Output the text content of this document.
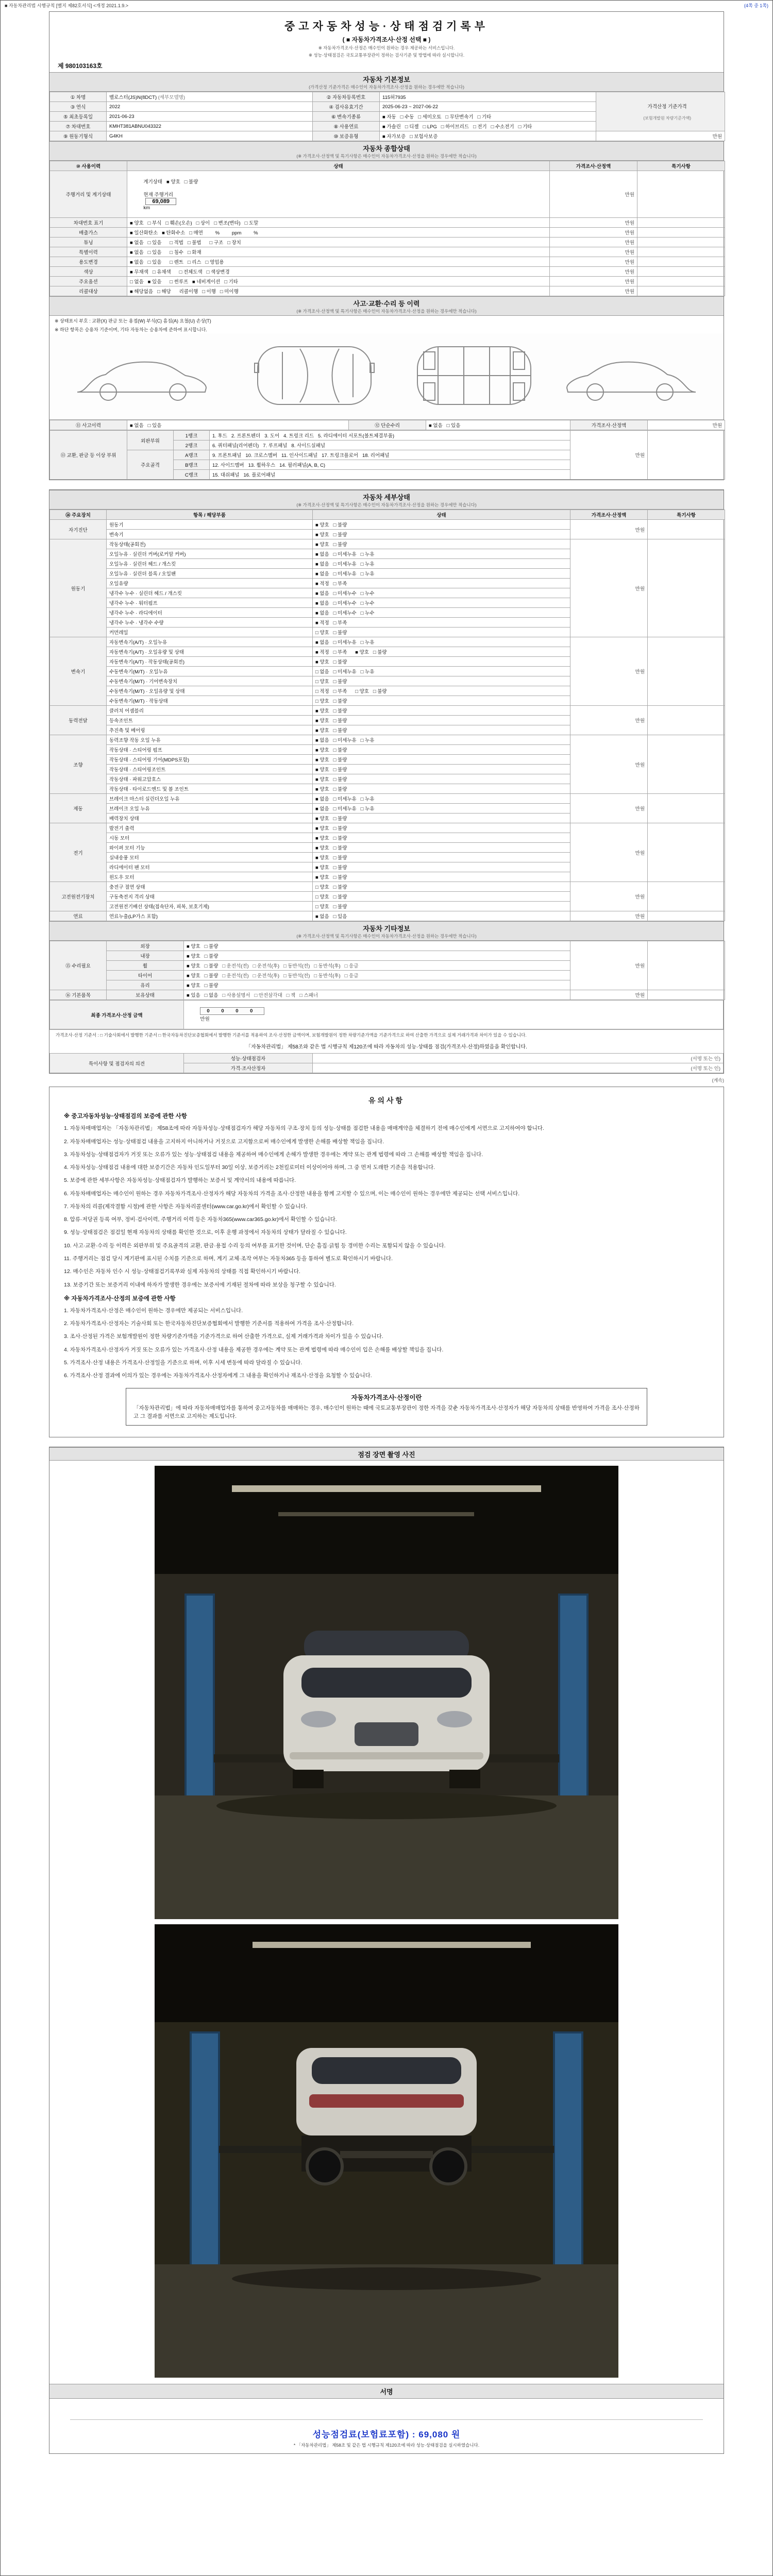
■ 자동차관리법 시행규칙 [별지 제82호서식] <개정 2021.1.9.>	(4쪽 중 1쪽)
중고자동차성능·상태점검기록부
( ■ 자동차가격조사·산정 선택 ■ )
※ 자동차가격조사·산정은 매수인이 원하는 경우 제공하는 서비스입니다.
※ 성능·상태점검은 국토교통부장관이 정하는 검사기준 및 방법에 따라 실시합니다.
제 980103163호
자동차 기본정보
(가격산정 기준가격은 매수인이 자동차가격조사·산정을 원하는 경우에만 적습니다)
① 차명	벨로스터(JS)N(8DCT) (세부모델명)	② 자동차등록번호	115허7935	가격산정 기준가격

(보험개발원 차량기준가액)

③ 연식	2022	④ 검사유효기간	2025-06-23 ~ 2027-06-22	
⑤ 최초등록일	2021-06-23	⑥ 변속기종류	■ 자동   □ 수동   □ 세미오토   □ 무단변속기   □ 기타	
⑦ 차대번호	KMHT381ABNU043322	⑧ 사용연료	■ 가솔린   □ 디젤   □ LPG   □ 하이브리드   □ 전기   □ 수소전기   □ 기타	
⑨ 원동기형식	G4KH	⑩ 보증유형	■ 자가보증   □ 보험사보증	만원
자동차 종합상태
(※ 가격조사·산정액 및 특기사항은 매수인이 자동차가격조사·산정을 원하는 경우에만 적습니다)
⑩ 사용이력	상태	가격조사·산정액	특기사항
주행거리 및 계기상태	계기상태   ■ 양호   □ 불량

현재 주행거리
69,089
km	만원	
차대번호 표기	■ 양호   □ 부식   □ 훼손(오손)   □ 상이   □ 변조(변타)   □ 도말	만원	
배출가스	■ 일산화탄소   ■ 탄화수소   □ 매연         %         ppm         %	만원	
튜닝	■ 없음   □ 있음      □ 적법   □ 불법      □ 구조   □ 장치	만원	
특별이력	■ 없음   □ 있음      □ 침수   □ 화재	만원	
용도변경	■ 없음   □ 있음      □ 렌트   □ 리스   □ 영업용	만원	
색상	■ 무채색   □ 유채색      □ 전체도색   □ 색상변경	만원	
주요옵션	□ 없음   ■ 있음      □ 썬루프   ■ 네비게이션   □ 기타	만원	
리콜대상	■ 해당없음   □ 해당      리콜이행   □ 이행   □ 미이행	만원	
사고·교환·수리 등 이력
(※ 가격조사·산정액 및 특기사항은 매수인이 자동차가격조사·산정을 원하는 경우에만 적습니다)
※ 상태표시 부호 : 교환(X) 판금 또는 용접(W) 부식(C) 흠집(A) 요철(U) 손상(T)
※ 하단 항목은 승용차 기준이며, 기타 자동차는 승용차에 준하여 표시합니다.
⑪ 사고이력	■ 없음   □ 있음	⑫ 단순수리	■ 없음   □ 있음	가격조사·산정액	만원
⑬ 교환, 판금 등 이상 부위	외판부위	1랭크	1. 후드   2. 프론트펜더   3. 도어   4. 트렁크 리드   5. 라디에이터 서포트(볼트체결부품)	만원	
		2랭크	6. 쿼터패널(리어펜더)   7. 루프패널   8. 사이드실패널		
	주요골격	A랭크	9. 프론트패널   10. 크로스멤버   11. 인사이드패널   17. 트렁크플로어   18. 리어패널		
		B랭크	12. 사이드멤버   13. 휠하우스   14. 필러패널(A, B, C)		
		C랭크	15. 대쉬패널   16. 플로어패널		
자동차 세부상태
(※ 가격조사·산정액 및 특기사항은 매수인이 자동차가격조사·산정을 원하는 경우에만 적습니다)
⑭ 주요장치	항목 / 해당부품	상태	가격조사·산정액	특기사항
자기진단	원동기	■ 양호   □ 불량	만원	
	변속기	■ 양호   □ 불량		
원동기	작동상태(공회전)	■ 양호   □ 불량	만원	
	오일누유 · 실린더 커버(로커암 커버)	■ 없음   □ 미세누유   □ 누유		
	오일누유 · 실린더 헤드 / 개스킷	■ 없음   □ 미세누유   □ 누유		
	오일누유 · 실린더 블록 / 오일팬	■ 없음   □ 미세누유   □ 누유		
	오일유량	■ 적정   □ 부족		
	냉각수 누수 · 실린더 헤드 / 개스킷	■ 없음   □ 미세누수   □ 누수		
	냉각수 누수 · 워터펌프	■ 없음   □ 미세누수   □ 누수		
	냉각수 누수 · 라디에이터	■ 없음   □ 미세누수   □ 누수		
	냉각수 누수 · 냉각수 수량	■ 적정   □ 부족		
	커먼레일	□ 양호   □ 불량		
변속기	자동변속기(A/T) · 오일누유	■ 없음   □ 미세누유   □ 누유	만원	
	자동변속기(A/T) · 오일유량 및 상태	■ 적정   □ 부족      ■ 양호   □ 불량		
	자동변속기(A/T) · 작동상태(공회전)	■ 양호   □ 불량		
	수동변속기(M/T) · 오일누유	□ 없음   □ 미세누유   □ 누유		
	수동변속기(M/T) · 기어변속장치	□ 양호   □ 불량		
	수동변속기(M/T) · 오일유량 및 상태	□ 적정   □ 부족      □ 양호   □ 불량		
	수동변속기(M/T) · 작동상태	□ 양호   □ 불량		
동력전달	클러치 어셈블리	■ 양호   □ 불량	만원	
	등속조인트	■ 양호   □ 불량		
	추진축 및 베어링	■ 양호   □ 불량		
조향	동력조향 작동 오일 누유	■ 없음   □ 미세누유   □ 누유	만원	
	작동상태 · 스티어링 펌프	■ 양호   □ 불량		
	작동상태 · 스티어링 기어(MDPS포함)	■ 양호   □ 불량		
	작동상태 · 스티어링조인트	■ 양호   □ 불량		
	작동상태 · 파워고압호스	■ 양호   □ 불량		
	작동상태 · 타이로드엔드 및 볼 조인트	■ 양호   □ 불량		
제동	브레이크 마스터 실린더오일 누유	■ 없음   □ 미세누유   □ 누유	만원	
	브레이크 오일 누유	■ 없음   □ 미세누유   □ 누유		
	배력장치 상태	■ 양호   □ 불량		
전기	발전기 출력	■ 양호   □ 불량	만원	
	시동 모터	■ 양호   □ 불량		
	와이퍼 모터 기능	■ 양호   □ 불량		
	실내송풍 모터	■ 양호   □ 불량		
	라디에이터 팬 모터	■ 양호   □ 불량		
	윈도우 모터	■ 양호   □ 불량		
고전원전기장치	충전구 절연 상태	□ 양호   □ 불량	만원	
	구동축전지 격리 상태	□ 양호   □ 불량		
	고전원전기배선 상태(접속단자, 피복, 보호기제)	□ 양호   □ 불량		
연료	연료누출(LP가스 포함)	■ 없음   □ 있음	만원	
자동차 기타정보
(※ 가격조사·산정액 및 특기사항은 매수인이 자동차가격조사·산정을 원하는 경우에만 적습니다)
⑮ 수리필요	외장	■ 양호   □ 불량	만원	
	내장	■ 양호   □ 불량		
	휠	■ 양호   □ 불량 □ 운전석(전)   □ 운전석(후)   □ 동반석(전)   □ 동반석(후)   □ 응급		
	타이어	■ 양호   □ 불량 □ 운전석(전)   □ 운전석(후)   □ 동반석(전)   □ 동반석(후)   □ 응급		
	유리	■ 양호   □ 불량		
⑯ 기본품목	보유상태	■ 있음   □ 없음 □ 사용설명서   □ 안전삼각대   □ 잭   □ 스패너	만원	
최종 가격조사·산정 금액	
0 0 0 0
만원

가격조사·산정 기준서 : □ 기술사회에서 발행한 기준서 □ 한국자동차진단보증협회에서 발행한 기준서를 적용하여 조사·산정한 금액이며, 보험개발원이 정한 차량기준가액을 기준가격으로 하여 산출한 가격으로 실제 거래가격과 차이가 있을 수 있습니다.
「자동차관리법」 제58조와 같은 법 시행규칙 제120조에 따라 자동차의 성능·상태를 점검(가격조사·산정)하였음을 확인합니다.
특이사항 및 점검자의 의견	성능·상태점검자	(서명 또는 인)
	가격·조사산정자	(서명 또는 인)
(계속)
유의사항
※ 중고자동차성능·상태점검의 보증에 관한 사항
1. 자동차매매업자는 「자동차관리법」 제58조에 따라 자동차성능·상태점검자가 해당 자동차의 구조·장치 등의 성능·상태를 점검한 내용을 매매계약을 체결하기 전에 매수인에게 서면으로 고지하여야 합니다.
2. 자동차매매업자는 성능·상태점검 내용을 고지하지 아니하거나 거짓으로 고지함으로써 매수인에게 발생한 손해를 배상할 책임을 집니다.
3. 자동차성능·상태점검자가 거짓 또는 오류가 있는 성능·상태점검 내용을 제공하여 매수인에게 손해가 발생한 경우에는 계약 또는 관계 법령에 따라 그 손해를 배상할 책임을 집니다.
4. 자동차성능·상태점검 내용에 대한 보증기간은 자동차 인도일부터 30일 이상, 보증거리는 2천킬로미터 이상이어야 하며, 그 중 먼저 도래한 기준을 적용합니다.
5. 보증에 관한 세부사항은 자동차성능·상태점검자가 발행하는 보증서 및 계약서의 내용에 따릅니다.
6. 자동차매매업자는 매수인이 원하는 경우 자동차가격조사·산정자가 해당 자동차의 가격을 조사·산정한 내용을 함께 고지할 수 있으며, 이는 매수인이 원하는 경우에만 제공되는 선택 서비스입니다.
7. 자동차의 리콜(제작결함 시정)에 관한 사항은 자동차리콜센터(www.car.go.kr)에서 확인할 수 있습니다.
8. 압류·저당권 등록 여부, 정비·검사이력, 주행거리 이력 등은 자동차365(www.car365.go.kr)에서 확인할 수 있습니다.
9. 성능·상태점검은 점검일 현재 자동차의 상태를 확인한 것으로, 이후 운행 과정에서 자동차의 상태가 달라질 수 있습니다.
10. 사고·교환·수리 등 이력은 외판부위 및 주요골격의 교환, 판금·용접 수리 등의 여부를 표기한 것이며, 단순 흠집·긁힘 등 경미한 수리는 포함되지 않을 수 있습니다.
11. 주행거리는 점검 당시 계기판에 표시된 수치를 기준으로 하며, 계기 교체·조작 여부는 자동차365 등을 통하여 별도로 확인하시기 바랍니다.
12. 매수인은 자동차 인수 시 성능·상태점검기록부와 실제 자동차의 상태를 직접 확인하시기 바랍니다.
13. 보증기간 또는 보증거리 이내에 하자가 발생한 경우에는 보증서에 기재된 절차에 따라 보상을 청구할 수 있습니다.
※ 자동차가격조사·산정의 보증에 관한 사항
1. 자동차가격조사·산정은 매수인이 원하는 경우에만 제공되는 서비스입니다.
2. 자동차가격조사·산정자는 기술사회 또는 한국자동차진단보증협회에서 발행한 기준서를 적용하여 가격을 조사·산정합니다.
3. 조사·산정된 가격은 보험개발원이 정한 차량기준가액을 기준가격으로 하여 산출한 가격으로, 실제 거래가격과 차이가 있을 수 있습니다.
4. 자동차가격조사·산정자가 거짓 또는 오류가 있는 가격조사·산정 내용을 제공한 경우에는 계약 또는 관계 법령에 따라 매수인이 입은 손해를 배상할 책임을 집니다.
5. 가격조사·산정 내용은 가격조사·산정일을 기준으로 하며, 이후 시세 변동에 따라 달라질 수 있습니다.
6. 가격조사·산정 결과에 이의가 있는 경우에는 자동차가격조사·산정자에게 그 내용을 확인하거나 재조사·산정을 요청할 수 있습니다.
자동차가격조사·산정이란
「자동차관리법」에 따라 자동차매매업자를 통하여 중고자동차를 매매하는 경우, 매수인이 원하는 때에 국토교통부장관이 정한 자격을 갖춘 자동차가격조사·산정자가 해당 자동차의 상태를 반영하여 가격을 조사·산정하고 그 결과를 서면으로 고지하는 제도입니다.
점검 장면 촬영 사진
서명
성능점검료(보험료포함) : 69,080 원
* 「자동차관리법」 제58조 및 같은 법 시행규칙 제120조에 따라 성능·상태점검을 실시하였습니다.
